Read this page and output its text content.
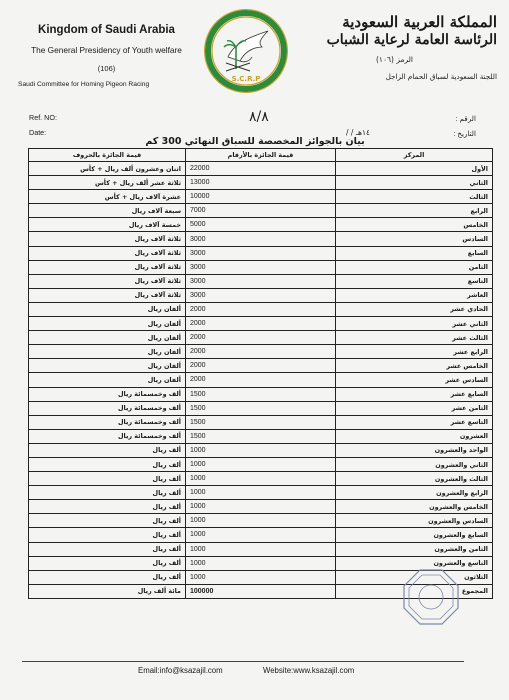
Kingdom of Saudi Arabia
The General Presidency of Youth welfare
(106)
Saudi Committee for Homing Pigeon Racing
S.C.R.P
المملكة العربية السعودية
الرئاسة العامة لرعاية الشباب
الرمز (١٠٦)
اللجنة السعودية لسباق الحمام الزاجل
Ref. NO:
Date:
الرقم :
التاريخ :
٨/٨
/ / ١٤هـ
بيان بالجوائز المخصصة للسباق النهائي 300 كم
المركز	قيمة الجائزة بالأرقام	قيمة الجائزة بالحروف
الأول	22000	اثنان وعشرون ألف ريال + كأس
الثاني	13000	ثلاثة عشر ألف ريال + كأس
الثالث	10000	عشرة آلاف ريال + كأس
الرابع	7000	سبعة آلاف ريال
الخامس	5000	خمسة آلاف ريال
السادس	3000	ثلاثة آلاف ريال
السابع	3000	ثلاثة آلاف ريال
الثامن	3000	ثلاثة آلاف ريال
التاسع	3000	ثلاثة آلاف ريال
العاشر	3000	ثلاثة آلاف ريال
الحادي عشر	2000	ألفان ريال
الثاني عشر	2000	ألفان ريال
الثالث عشر	2000	ألفان ريال
الرابع عشر	2000	ألفان ريال
الخامس عشر	2000	ألفان ريال
السادس عشر	2000	ألفان ريال
السابع عشر	1500	ألف وخمسمائة ريال
الثامن عشر	1500	ألف وخمسمائة ريال
التاسع عشر	1500	ألف وخمسمائة ريال
العشرون	1500	ألف وخمسمائة ريال
الواحد والعشرون	1000	ألف ريال
الثاني والعشرون	1000	ألف ريال
الثالث والعشرون	1000	ألف ريال
الرابع والعشرون	1000	ألف ريال
الخامس والعشرون	1000	ألف ريال
السادس والعشرون	1000	ألف ريال
السابع والعشرون	1000	ألف ريال
الثامن والعشرون	1000	ألف ريال
التاسع والعشرون	1000	ألف ريال
الثلاثون	1000	ألف ريال
المجموع	100000	مائة ألف ريال
Email:info@ksazajil.com	Website:www.ksazajil.com
